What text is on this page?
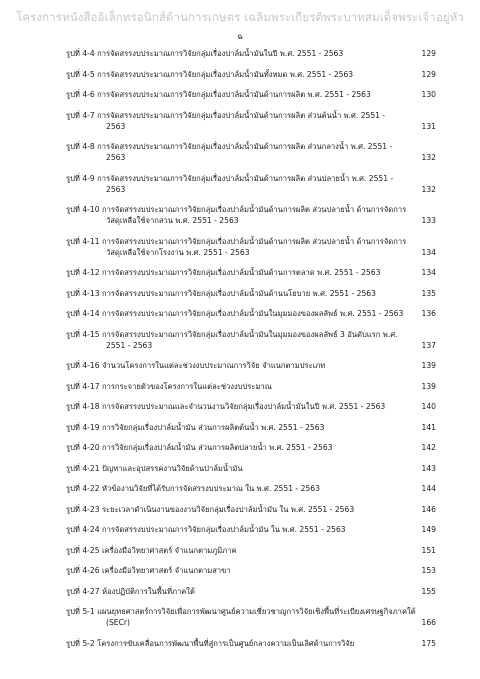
โครงการหนังสืออิเล็กทรอนิกส์ด้านการเกษตร เฉลิมพระเกียรติพระบาทสมเด็จพระเจ้าอยู่หัว
ฉ
รูปที่ 4-4 การจัดสรรงบประมาณการวิจัยกลุ่มเรื่องปาล์มน้ำมันในปี พ.ศ. 2551 - 2563	129
รูปที่ 4-5 การจัดสรรงบประมาณการวิจัยกลุ่มเรื่องปาล์มน้ำมันทั้งหมด พ.ศ. 2551 - 2563	129
รูปที่ 4-6 การจัดสรรงบประมาณการวิจัยกลุ่มเรื่องปาล์มน้ำมันด้านการผลิต พ.ศ. 2551 - 2563	130
รูปที่ 4-7 การจัดสรรงบประมาณการวิจัยกลุ่มเรื่องปาล์มน้ำมันด้านการผลิต ส่วนต้นน้ำ พ.ศ. 2551 -
2563	131
รูปที่ 4-8 การจัดสรรงบประมาณการวิจัยกลุ่มเรื่องปาล์มน้ำมันด้านการผลิต ส่วนกลางน้ำ พ.ศ. 2551 -
2563	132
รูปที่ 4-9 การจัดสรรงบประมาณการวิจัยกลุ่มเรื่องปาล์มน้ำมันด้านการผลิต ส่วนปลายน้ำ พ.ศ. 2551 -
2563	132
รูปที่ 4-10 การจัดสรรงบประมาณการวิจัยกลุ่มเรื่องปาล์มน้ำมันด้านการผลิต ส่วนปลายน้ำ ด้านการจัดการ
วัสดุเหลือใช้จากสวน พ.ศ. 2551 - 2563	133
รูปที่ 4-11 การจัดสรรงบประมาณการวิจัยกลุ่มเรื่องปาล์มน้ำมันด้านการผลิต ส่วนปลายน้ำ ด้านการจัดการ
วัสดุเหลือใช้จากโรงงาน พ.ศ. 2551 - 2563	134
รูปที่ 4-12 การจัดสรรงบประมาณการวิจัยกลุ่มเรื่องปาล์มน้ำมันด้านการตลาด พ.ศ. 2551 - 2563	134
รูปที่ 4-13 การจัดสรรงบประมาณการวิจัยกลุ่มเรื่องปาล์มน้ำมันด้านนโยบาย พ.ศ. 2551 - 2563	135
รูปที่ 4-14 การจัดสรรงบประมาณการวิจัยกลุ่มเรื่องปาล์มน้ำมันในมุมมองของผลลัพธ์ พ.ศ. 2551 - 2563	136
รูปที่ 4-15 การจัดสรรงบประมาณการวิจัยกลุ่มเรื่องปาล์มน้ำมันในมุมมองของผลลัพธ์ 3 อันดับแรก พ.ศ.
2551 - 2563	137
รูปที่ 4-16 จำนวนโครงการในแต่ละช่วงงบประมาณการวิจัย จำแนกตามประเภท	139
รูปที่ 4-17 การกระจายตัวของโครงการในแต่ละช่วงงบประมาณ	139
รูปที่ 4-18 การจัดสรรงบประมาณและจำนวนงานวิจัยกลุ่มเรื่องปาล์มน้ำมันในปี พ.ศ. 2551 - 2563	140
รูปที่ 4-19 การวิจัยกลุ่มเรื่องปาล์มน้ำมัน ส่วนการผลิตต้นน้ำ พ.ศ. 2551 - 2563	141
รูปที่ 4-20 การวิจัยกลุ่มเรื่องปาล์มน้ำมัน ส่วนการผลิตปลายน้ำ พ.ศ. 2551 - 2563	142
รูปที่ 4-21 ปัญหาและอุปสรรคงานวิจัยด้านปาล์มน้ำมัน	143
รูปที่ 4-22 หัวข้องานวิจัยที่ได้รับการจัดสรรงบประมาณ ใน พ.ศ. 2551 - 2563	144
รูปที่ 4-23 ระยะเวลาดำเนินงานของงานวิจัยกลุ่มเรื่องปาล์มน้ำมัน ใน พ.ศ. 2551 - 2563	146
รูปที่ 4-24 การจัดสรรงบประมาณการวิจัยกลุ่มเรื่องปาล์มน้ำมัน ใน พ.ศ. 2551 - 2563	149
รูปที่ 4-25 เครื่องมือวิทยาศาสตร์ จำแนกตามภูมิภาค	151
รูปที่ 4-26 เครื่องมือวิทยาศาสตร์ จำแนกตามสาขา	153
รูปที่ 4-27 ห้องปฏิบัติการในพื้นที่ภาคใต้	155
รูปที่ 5-1 แผนยุทธศาสตร์การวิจัยเพื่อการพัฒนาศูนย์ความเชี่ยวชาญการวิจัยเชิงพื้นที่ระเบียงเศรษฐกิจภาคใต้
(SECr)	166
รูปที่ 5-2 โครงการขับเคลื่อนการพัฒนาพื้นที่สู่การเป็นศูนย์กลางความเป็นเลิศด้านการวิจัย	175
